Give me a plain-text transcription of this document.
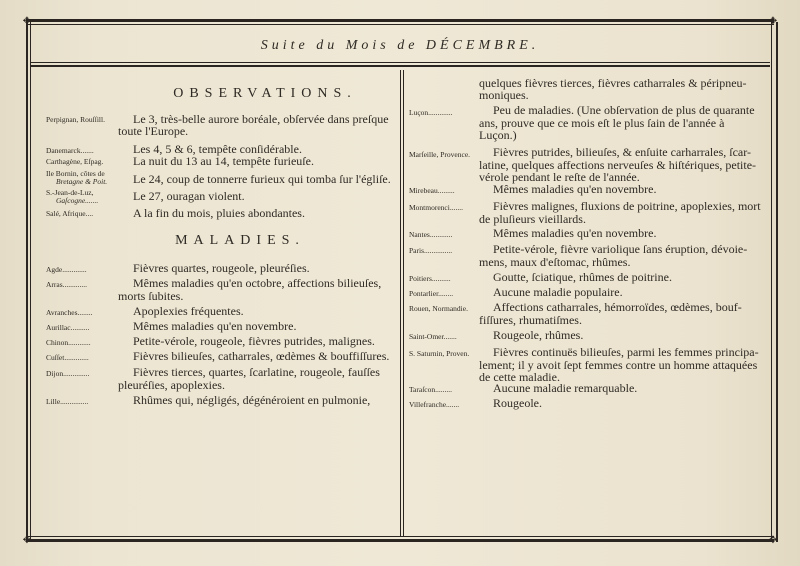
✥	✥
✥	✥
Suite du Mois de DÉCEMBRE.
OBSERVATIONS.
Perpignan, Rouſſill. Le 3, très-belle aurore boréale, obſervée dans preſque
toute l'Europe.
Danemarck.......	Les 4, 5 & 6, tempête conſidérable.
Carthagène, Eſpag. La nuit du 13 au 14, tempête furieuſe.
Ile Bornin, côtes de
Bretagne & Poit. Le 24, coup de tonnerre furieux qui tomba ſur l'égliſe.
S.-Jean-de-Luz,
Gaſcogne.......	Le 27, ouragan violent.
Salé, Afrique....	A la fin du mois, pluies abondantes.
MALADIES.
Agde.............	Fièvres quartes, rougeole, pleuréſies.
Arras.............	Mêmes maladies qu'en octobre, affections bilieuſes,
morts ſubites.
Avranches........	Apoplexies fréquentes.
Aurillac..........	Mêmes maladies qu'en novembre.
Chinon............	Petite-vérole, rougeole, fièvres putrides, malignes.
Cuſſet.............	Fièvres bilieuſes, catharrales, œdèmes & bouffiſſures.
Dijon..............	Fièvres tierces, quartes, ſcarlatine, rougeole, fauſſes
pleuréſies, apoplexies.
Lille...............	Rhûmes qui, négligés, dégénéroient en pulmonie,
quelques fièvres tierces, fièvres catharrales & péripneu-
moniques.
Luçon.............	Peu de maladies. (Une obſervation de plus de quarante
ans, prouve que ce mois eſt le plus ſain de l'année à
Luçon.)
Marſeille, Provence. Fièvres putrides, bilieuſes, & enſuite carharrales, ſcar-
latine, quelques affections nerveuſes & hiſtériques, petite-
vérole pendant le reſte de l'année.
Mirebeau.........	Mêmes maladies qu'en novembre.
Montmorenci.......	Fièvres malignes, fluxions de poitrine, apoplexies, mort
de pluſieurs vieillards.
Nantes............	Mêmes maladies qu'en novembre.
Paris...............	Petite-vérole, fièvre variolique ſans éruption, dévoie-
mens, maux d'eſtomac, rhûmes.
Poitiers..........	Goutte, ſciatique, rhûmes de poitrine.
Pontarlier........	Aucune maladie populaire.
Rouen, Normandie. Affections catharrales, hémorroïdes, œdèmes, bouf-
fiſſures, rhumatiſmes.
Saint-Omer.......	Rougeole, rhûmes.
S. Saturnin, Proven. Fièvres continuës bilieuſes, parmi les femmes principa-
lement; il y avoit ſept femmes contre un homme attaquées
de cette maladie.
Taraſcon.........	Aucune maladie remarquable.
Villefranche.......	Rougeole.
